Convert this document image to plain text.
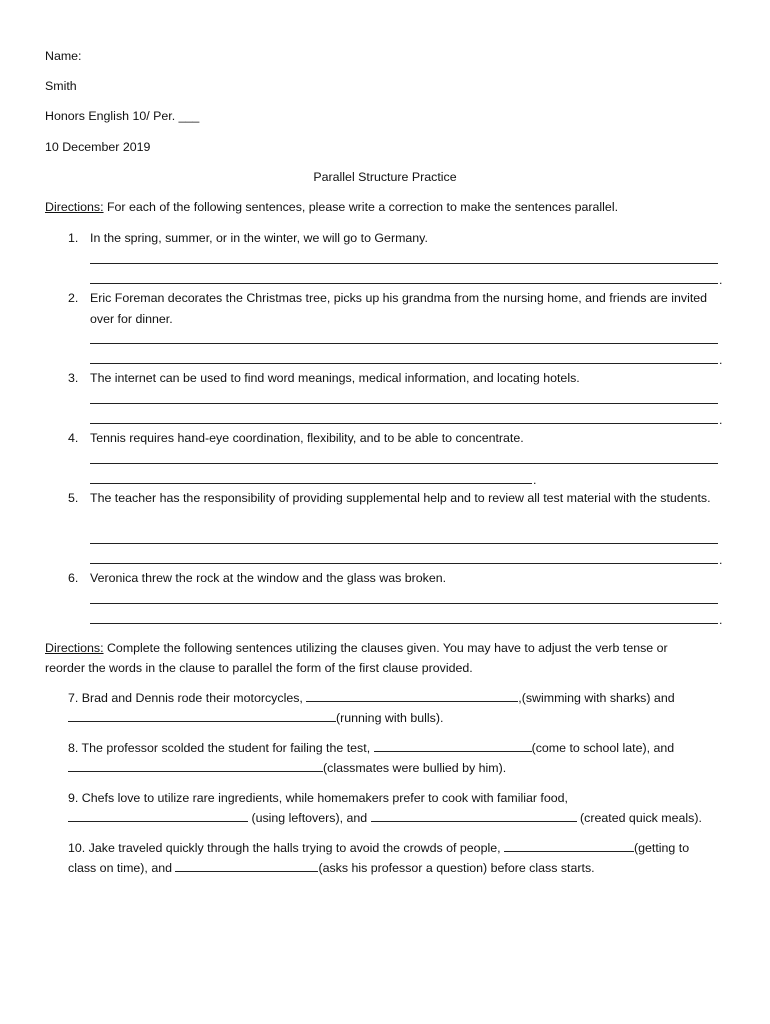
Name:
Smith
Honors English 10/ Per. ___
10 December 2019
Parallel Structure Practice
Directions: For each of the following sentences, please write a correction to make the sentences parallel.
1. In the spring, summer, or in the winter, we will go to Germany.
.
2. Eric Foreman decorates the Christmas tree, picks up his grandma from the nursing home, and friends are invited over for dinner.
.
3. The internet can be used to find word meanings, medical information, and locating hotels.
.
4. Tennis requires hand-eye coordination, flexibility, and to be able to concentrate.
.
5. The teacher has the responsibility of providing supplemental help and to review all test material with the students.
.
6. Veronica threw the rock at the window and the glass was broken.
.
Directions: Complete the following sentences utilizing the clauses given. You may have to adjust the verb tense or
reorder the words in the clause to parallel the form of the first clause provided.
7. Brad and Dennis rode their motorcycles,	,(swimming with sharks) and
(running with bulls).
8. The professor scolded the student for failing the test,	(come to school late), and
(classmates were bullied by him).
9. Chefs love to utilize rare ingredients, while homemakers prefer to cook with familiar food,
(using leftovers), and	(created quick meals).
10. Jake traveled quickly through the halls trying to avoid the crowds of people,	(getting to
class on time), and	(asks his professor a question) before class starts.
